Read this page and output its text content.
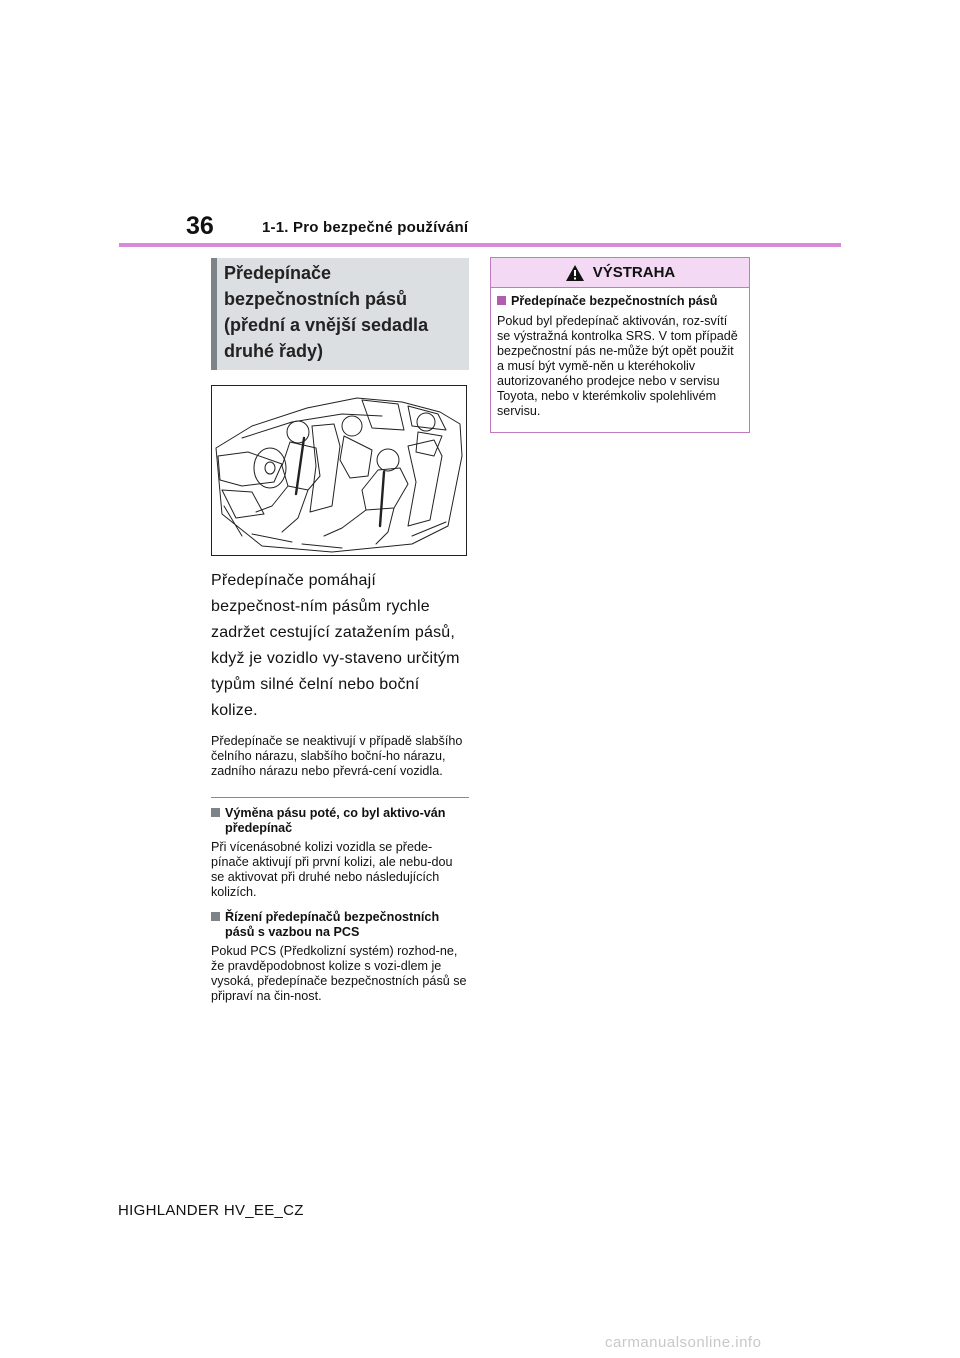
36	1-1. Pro bezpečné používání
Předepínače bezpečnostních pásů (přední a vnější sedadla druhé řady)
Předepínače pomáhají bezpečnost-ním pásům rychle zadržet cestující zatažením pásů, když je vozidlo vy-staveno určitým typům silné čelní nebo boční kolize.
Předepínače se neaktivují v případě slabšího čelního nárazu, slabšího boční-ho nárazu, zadního nárazu nebo převrá-cení vozidla.
Výměna pásu poté, co byl aktivo-ván předepínač
Při vícenásobné kolizi vozidla se přede-pínače aktivují při první kolizi, ale nebu-dou se aktivovat při druhé nebo následujících kolizích.
Řízení předepínačů bezpečnostních pásů s vazbou na PCS
Pokud PCS (Předkolizní systém) rozhod-ne, že pravděpodobnost kolize s vozi-dlem je vysoká, předepínače bezpečnostních pásů se připraví na čin-nost.
VÝSTRAHA
Předepínače bezpečnostních pásů
Pokud byl předepínač aktivován, roz-svítí se výstražná kontrolka SRS. V tom případě bezpečnostní pás ne-může být opět použit a musí být vymě-něn u kteréhokoliv autorizovaného prodejce nebo v servisu Toyota, nebo v kterémkoliv spolehlivém servisu.
HIGHLANDER HV_EE_CZ
carmanualsonline.info
